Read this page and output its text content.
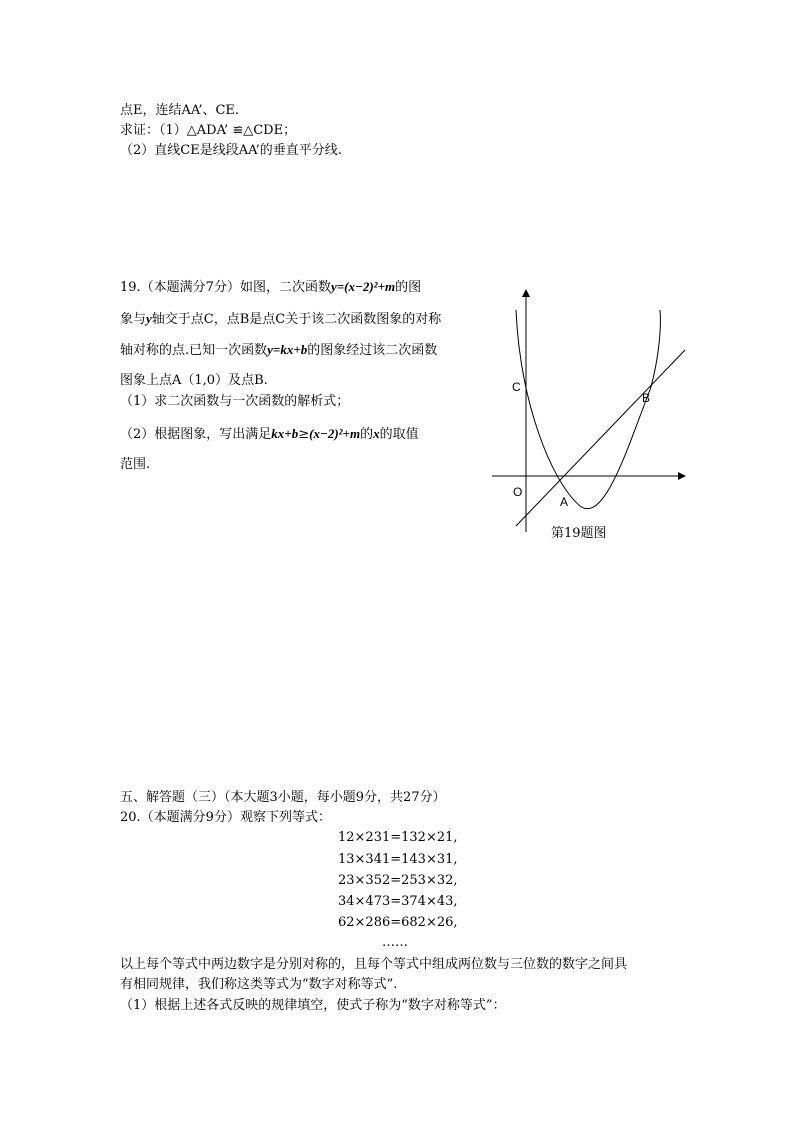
点E，连结AA’、CE.
求证：（1）△ADA’ ≌△CDE；
（2）直线CE是线段AA’的垂直平分线.
19.（本题满分7分）如图，二次函数y=(x−2)²+m的图
象与y轴交于点C，点B是点C关于该二次函数图象的对称
轴对称的点.已知一次函数y=kx+b的图象经过该二次函数
图象上点A（1,0）及点B.
（1）求二次函数与一次函数的解析式；
（2）根据图象，写出满足kx+b≥(x−2)²+m的x的取值
范围.
C
B
O
A
第19题图
五、解答题（三）（本大题3小题，每小题9分，共27分）
20.（本题满分9分）观察下列等式：
12×231=132×21,
13×341=143×31,
23×352=253×32,
34×473=374×43,
62×286=682×26,
……
以上每个等式中两边数字是分别对称的，且每个等式中组成两位数与三位数的数字之间具
有相同规律，我们称这类等式为“数字对称等式”.
（1）根据上述各式反映的规律填空，使式子称为“数字对称等式”：
